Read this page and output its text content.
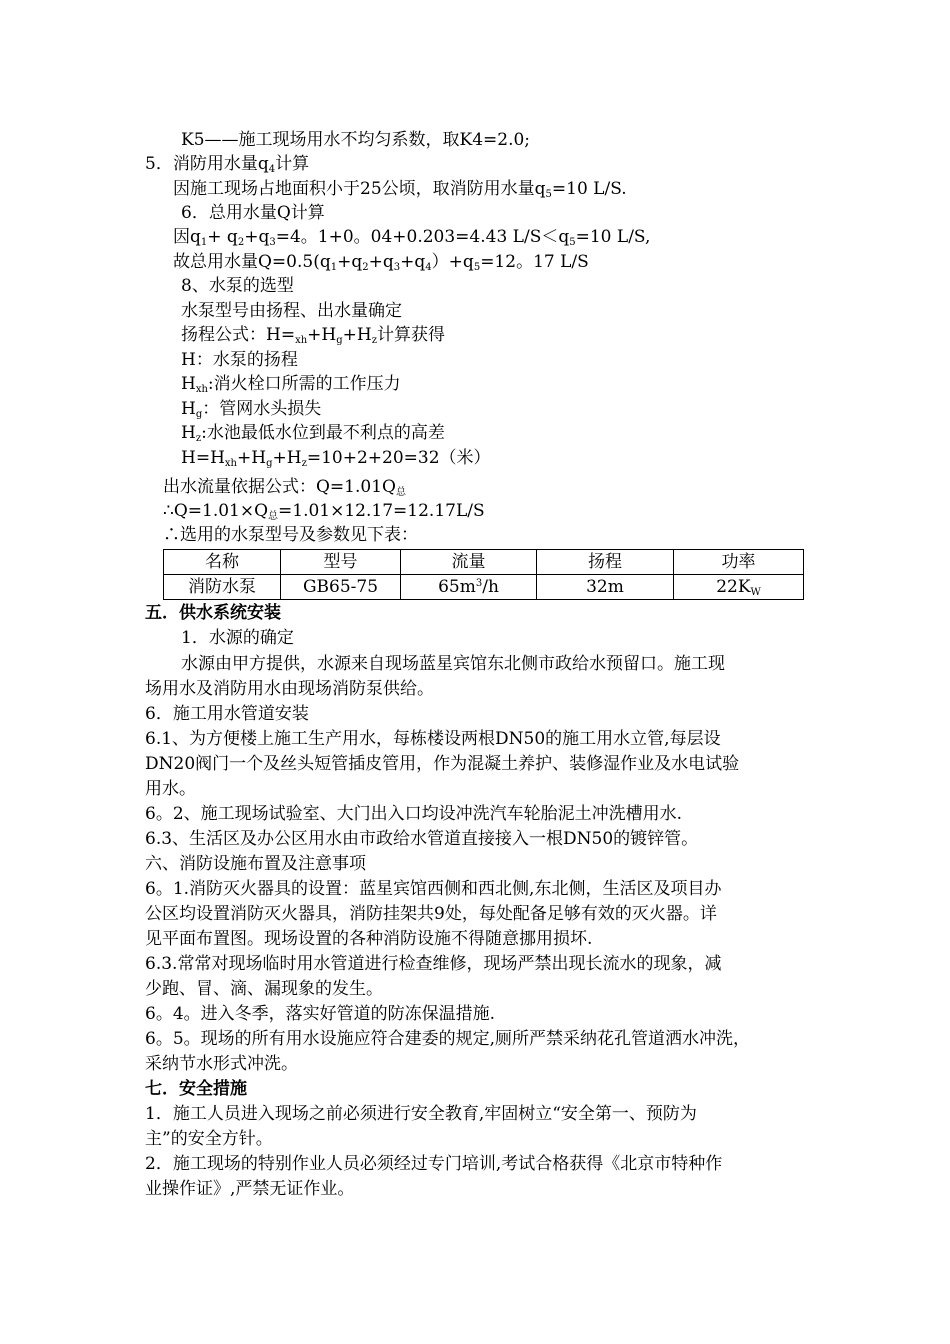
K5——施工现场用水不均匀系数，取K4=2.0;
5．消防用水量$q_4$计算
因施工现场占地面积小于25公顷，取消防用水量$q_5=10$ L/S.
6．总用水量Q计算
因$q_1+ q_2+q_3=4$。1+0。04+0.203=4.43 $L/S<q_5=10$ L/S,
故总用水量$Q=0.5(q_1+q_2+q_3+q_4)+q_5=12$。17 L/S
8、水泵的选型
水泵型号由扬程、出水量确定
扬程公式：$H=_{xh}+H_g+H_z$计算获得
H：水泵的扬程
$H_{xh}$:消火栓口所需的工作压力
$H_g$：管网水头损失
$H_z$:水池最低水位到最不利点的高差
$H=H_{xh}+H_g+H_z=10+2+20=32$（米）
出水流量依据公式：$Q=1.01Q_总$
$\therefore Q=1.01\times Q_总=1.01\times 12.17=12.17L/S$
∴选用的水泵型号及参数见下表：
名称	型号	流量	扬程	功率
消防水泵	GB65-75	$65m^3/h$	32m	$22K_W$
五．供水系统安装
1．水源的确定
水源由甲方提供，水源来自现场蓝星宾馆东北侧市政给水预留口。施工现
场用水及消防用水由现场消防泵供给。
6．施工用水管道安装
6.1、为方便楼上施工生产用水，每栋楼设两根DN50的施工用水立管,每层设
DN20阀门一个及丝头短管插皮管用，作为混凝土养护、装修湿作业及水电试验
用水。
6。2、施工现场试验室、大门出入口均设冲洗汽车轮胎泥土冲洗槽用水.
6.3、生活区及办公区用水由市政给水管道直接接入一根DN50的镀锌管。
六、消防设施布置及注意事项
6。1.消防灭火器具的设置：蓝星宾馆西侧和西北侧,东北侧，生活区及项目办
公区均设置消防灭火器具，消防挂架共9处，每处配备足够有效的灭火器。详
见平面布置图。现场设置的各种消防设施不得随意挪用损坏.
6.3.常常对现场临时用水管道进行检查维修，现场严禁出现长流水的现象，减
少跑、冒、滴、漏现象的发生。
6。4。进入冬季，落实好管道的防冻保温措施.
6。5。现场的所有用水设施应符合建委的规定,厕所严禁采纳花孔管道洒水冲洗，
采纳节水形式冲洗。
七．安全措施
1．施工人员进入现场之前必须进行安全教育,牢固树立“安全第一、预防为
主”的安全方针。
2．施工现场的特别作业人员必须经过专门培训,考试合格获得《北京市特种作
业操作证》,严禁无证作业。
